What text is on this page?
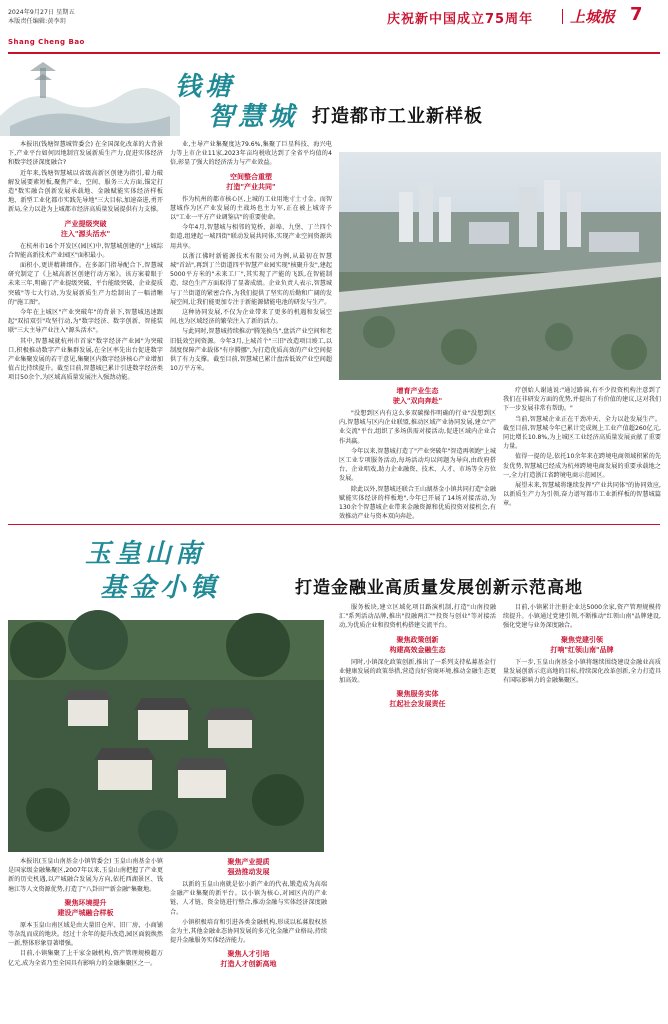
2024年9月27日 星期五
本版责任编辑:黄李玥
Shang Cheng Bao
庆祝新中国成立75周年 上城报 7
钱塘
智慧城 打造都市工业新样板

本报讯(钱塘智慧城管委会) 在全国深化改革的大背景下,产业平台如何因地制宜发展新质生产力,促进实体经济和数字经济深度融合?

近年来,钱塘智慧城以省级高新区创建为指引,着力破解发展要素短板,聚焦产业、空间、服务三大方面,锚定打造"数实融合创新发展承载地、金融赋能实体经济样板地、新型工业化都市实践先导地"三大目标,加速奋进,勇开新局,全力以赴为上城都市经济高质量发展提供有力支撑。

产业提级突破
注入"源头活水"

在杭州市16个开发区(园区)中,智慧城创建的"上城综合智能高新技术产业园区"面积最小。

面积小,更讲精耕细作。在多部门指导配合下,智慧城研究制定了《上城高新区创建行动方案》。该方案着眼于未来三年,明确了产业提级突破、平台能级突破、企业提质突破"等七大行动,为发展新质生产力绘制出了一幅清晰的"施工图"。

今年在上城区"产业突破年"的背景下,智慧城迅速跟起"双招双引"攻坚行动,为"数字经济、数字创新、智能装联"三大主导产业注入"源头活水"。

其中,智慧城就杭州市首家"数字经济产业园"为突破口,积极推动数字产业集群发展,在全区率先出台促进数字产业集聚发展的若干意见,集聚区内数字经济核心产业增加值占比持续提升。截至目前,智慧城已累计引进数字经济类项目50余个,为区域高质量发展注入强劲动能。

业,主导产业集聚度达79.6%,集聚了巨星科技、海兴电力等上市企业11家,2023年亩均税收达到了全省平均值的4倍,彰显了强大的经济活力与产业效益。

空间整合重塑
打造"产业共同"

作为杭州的都市核心区,上城的工业用地寸土寸金。而智慧城作为区产业发展的主战场也主力军,正在被上城寄予以"工业一平方产业调鉴店"的重要使命。

今年4月,智慧城与相邻的笕桥、彭埠、九堡、丁兰四个街道,组建起一城四街"联动发展共同体,实现产业空间资源共用共享。

以浙江佛时新能源技术有限公司为例,从最初在智慧城"首站",再到丁兰街道四平智慧产业园实现"核聚升发",建起5000平方米的"未来工厂",其实现了产能的飞跃,在智能制造、绿色生产方面取得了显著成绩。企业负责人表示,智慧城与丁兰街道的紧密合作,为我们提供了坚实的后勤和广阔的发展空间,让我们能更加专注于新能源储能电池的研发与生产。

这种协同发展,不仅为企业带来了更多的机遇和发展空间,也为区域经济的繁荣注入了新的活力。

与此同时,智慧城持续推动"腾笼换鸟",盘活产业空间和老旧低效空间资源。今年3月,上城首个"三旧"改造项目竣工,以制度保障产业载体"有序腾挪",为打造优质高效的产业空间提供了有力支撑。截至目前,智慧城已累计盘活低效产业空间超10万平方米。

增育产业生态
驶入"双向奔赴"

"没想到区内有这么多双碳操作明确的行业"没想到区内,智慧城与区内企业联盟,推动区域产业协同发展,建立"产业交流"平台,组织了多场供需对接活动,促进区域内企业合作共赢。

今年以来,智慧城打造了"产业突破年"智造再领跑"上城区工业专项服务活动,每场活动均以问题为导向,由政府搭台、企业唱戏,助力企业融资、技术、人才、市场等全方位发展。

除此以外,智慧城还联合王山湖基金小镇共同打造"金融赋能实体经济的样板地",今年已开展了14场对接活动,为130余个智慧城企业带来金融资源和优质投资对接机会,有效推动产业与资本双向奔赴。

疗创始人谢迪说:"通过路演,有不少投资机构注意到了我们在非研发方面的优势,并提出了有价值的建议,这对我们下一步发展非常有帮助。"

当前,智慧城企业正在干劲冲天、全力以赴发展生产。截至目前,智慧城今年已累计完成规上工业产值超260亿元,同比增长10.8%,为上城区工业经济高质量发展贡献了重要力量。

值得一提的是,依托10余年来在跨境电商领域积累的先发优势,智慧城已经成为杭州跨境电商发展的重要承载地之一,全力打造浙江省跨境电商示范园区。

展望未来,智慧城将继续发挥"产业共同体"的协同效应,以新质生产力为引领,奋力谱写都市工业新样板的智慧城篇章。

玉皇山南
基金小镇	打造金融业高质量发展创新示范高地

本报讯(玉皇山南基金小镇管委会) 玉皇山南基金小镇是国家级金融集聚区,2007年以来,玉皇山南把握了产业更新的历史机遇,以产城融合发展为方向,依托西湖景区、钱塘江等人文资源优势,打造了"八卦田""新金融"集聚地。

聚焦环境提升
建设产城融合样板

原本玉皇山南区域是由大量旧仓库、旧厂房、小商铺等杂乱而成的地块。经过十余年的提升改造,园区面貌焕然一新,整体形象显著增强。

目前,小镇集聚了上千家金融机构,资产管理规模超万亿元,成为全省乃至全国具有影响力的金融集聚区之一。

聚焦产业提质
强劲推动发展

以新的玉皇山南就是依小新产业的代表,锻造成为高端金融产业集聚的新平台。以小镇为核心,对园区内的产业链、人才链、资金链进行整合,推动金融与实体经济深度融合。

小镇积极培育和引进各类金融机构,形成以私募股权基金为主,其他金融业态协同发展的多元化金融产业格局,持续提升金融服务实体经济能力。

聚焦人才引培
打造人才创新高地

服务板块,建立区域化项目路演机制,打造"山南投融汇"系列活动品牌,推出"投融两汇""投资与创业"等对接活动,为优质企业和投资机构搭建交流平台。

聚焦政策创新
构建高效金融生态

同时,小镇深化政策创新,推出了一系列支持私募基金行业健康发展的政策举措,营造良好营商环境,推动金融生态更加高效。

聚焦服务实体
扛起社会发展责任

目前,小镇累计注册企业达5000余家,资产管理规模持续提升。小镇通过党建引领,不断推动"红领山南"品牌建设,强化党建与业务深度融合。

聚焦党建引领
打响"红领山南"品牌

下一步,玉皇山南基金小镇将继续围绕建设金融业高质量发展创新示范高地的目标,持续深化改革创新,全力打造具有国际影响力的金融集聚区。
